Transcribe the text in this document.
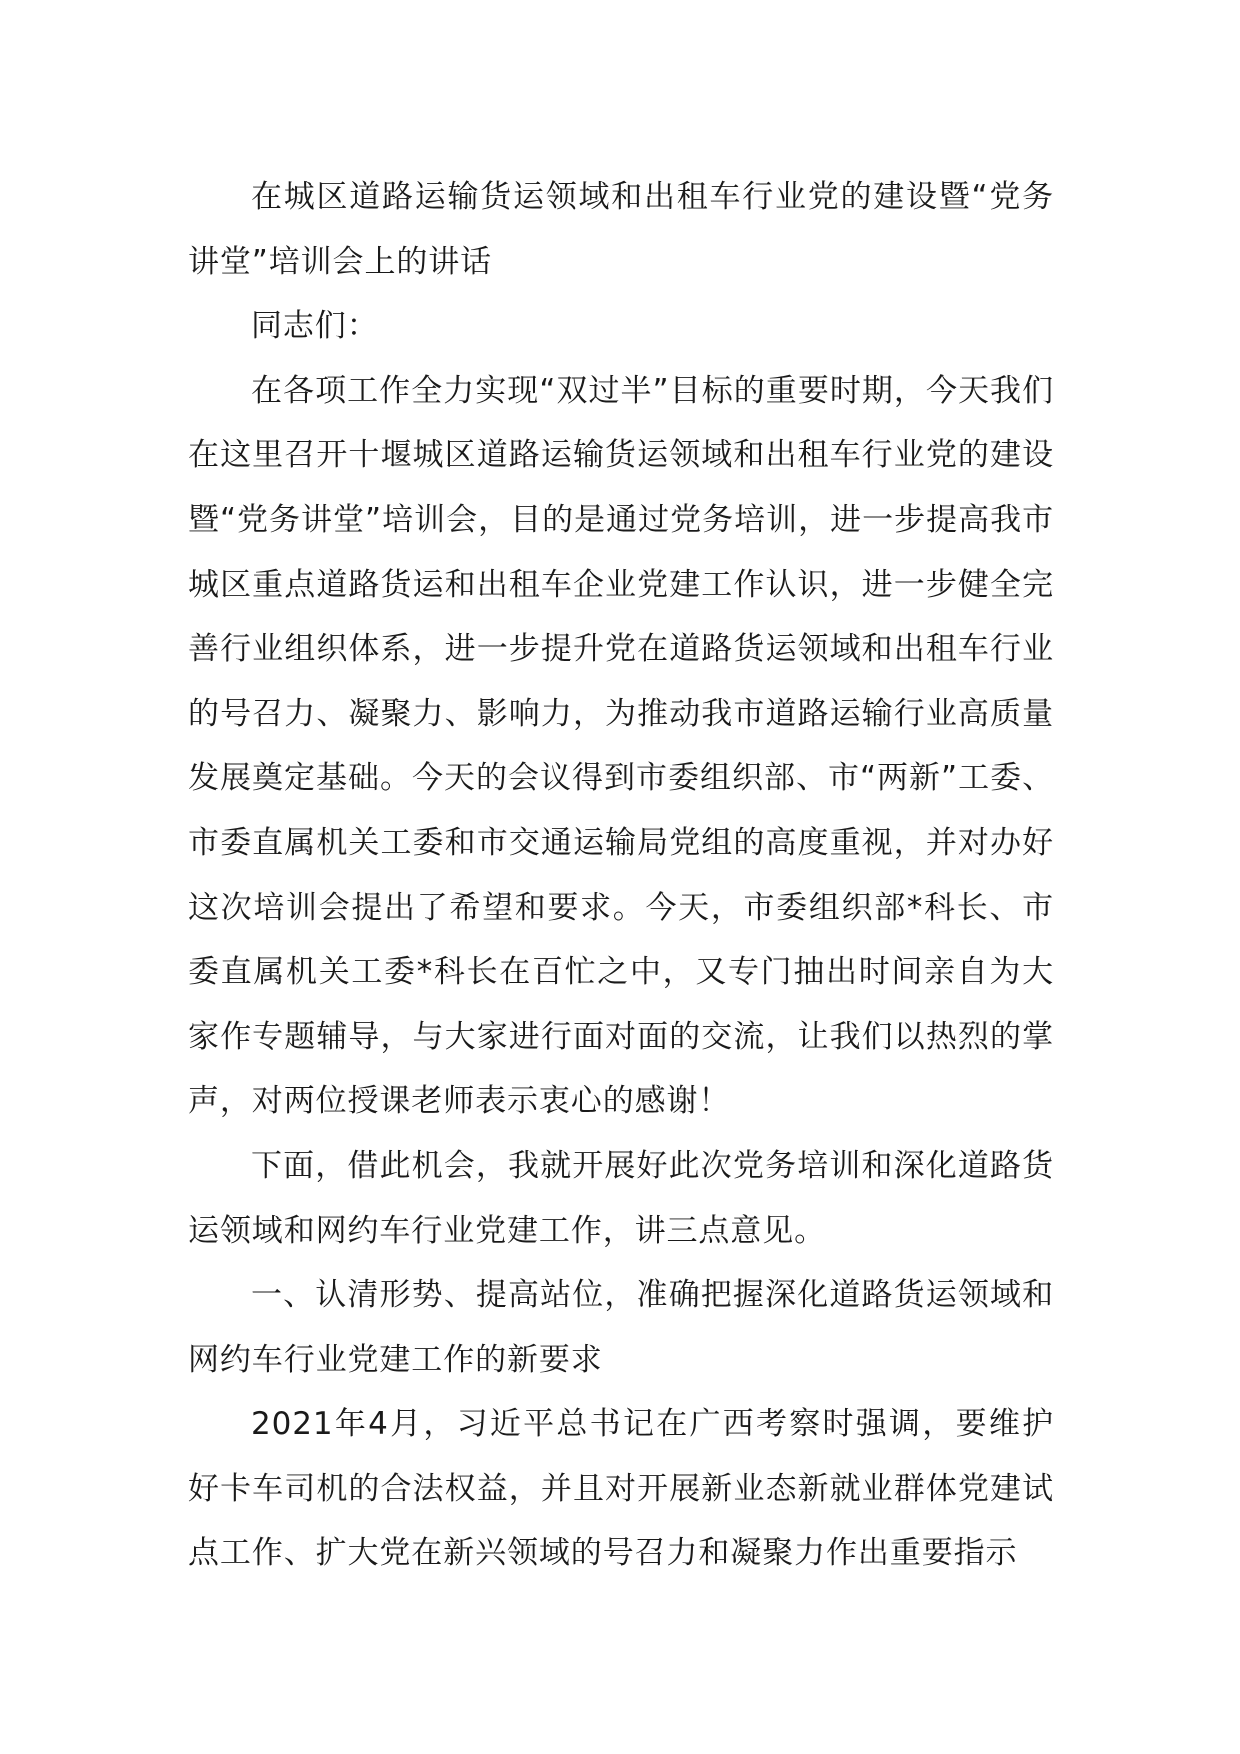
在城区道路运输货运领域和出租车行业党的建设暨“党务讲堂”培训会上的讲话

同志们：

在各项工作全力实现“双过半”目标的重要时期，今天我们在这里召开十堰城区道路运输货运领域和出租车行业党的建设暨“党务讲堂”培训会，目的是通过党务培训，进一步提高我市城区重点道路货运和出租车企业党建工作认识，进一步健全完善行业组织体系，进一步提升党在道路货运领域和出租车行业的号召力、凝聚力、影响力，为推动我市道路运输行业高质量发展奠定基础。今天的会议得到市委组织部、市“两新”工委、市委直属机关工委和市交通运输局党组的高度重视，并对办好这次培训会提出了希望和要求。今天，市委组织部*科长、市委直属机关工委*科长在百忙之中，又专门抽出时间亲自为大家作专题辅导，与大家进行面对面的交流，让我们以热烈的掌声，对两位授课老师表示衷心的感谢！

下面，借此机会，我就开展好此次党务培训和深化道路货运领域和网约车行业党建工作，讲三点意见。

一、认清形势、提高站位，准确把握深化道路货运领域和网约车行业党建工作的新要求

2021年4月，习近平总书记在广西考察时强调，要维护好卡车司机的合法权益，并且对开展新业态新就业群体党建试点工作、扩大党在新兴领域的号召力和凝聚力作出重要指示
